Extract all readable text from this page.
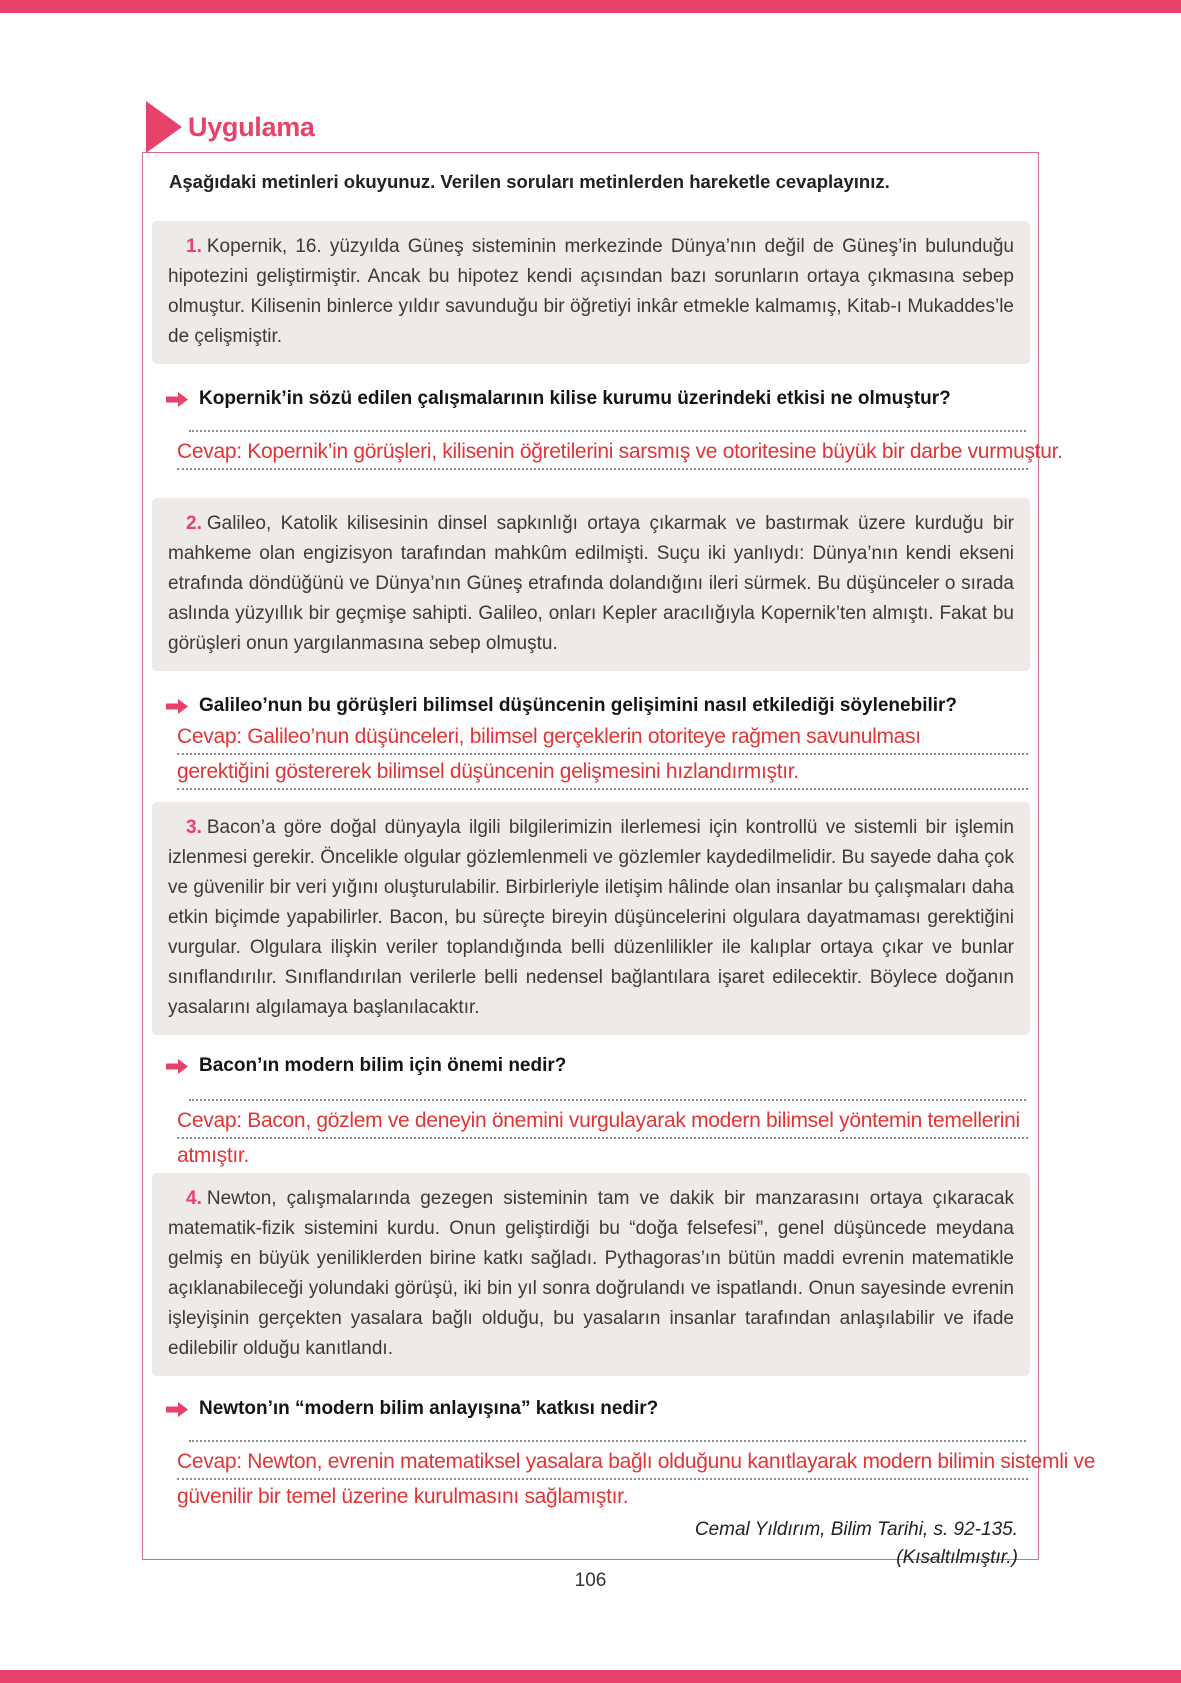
Uygulama
Aşağıdaki metinleri okuyunuz. Verilen soruları metinlerden hareketle cevaplayınız.
1. Kopernik, 16. yüzyılda Güneş sisteminin merkezinde Dünya’nın değil de Güneş’in bulunduğu hipotezini geliştirmiştir. Ancak bu hipotez kendi açısından bazı sorunların ortaya çıkmasına sebep olmuştur. Kilisenin binlerce yıldır savunduğu bir öğretiyi inkâr etmekle kalmamış, Kitab-ı Mukaddes’le de çelişmiştir.
Kopernik’in sözü edilen çalışmalarının kilise kurumu üzerindeki etkisi ne olmuştur?
Cevap: Kopernik’in görüşleri, kilisenin öğretilerini sarsmış ve otoritesine büyük bir darbe vurmuştur.
2. Galileo, Katolik kilisesinin dinsel sapkınlığı ortaya çıkarmak ve bastırmak üzere kurduğu bir mahkeme olan engizisyon tarafından mahkûm edilmişti. Suçu iki yanlıydı: Dünya’nın kendi ekseni etrafında döndüğünü ve Dünya’nın Güneş etrafında dolandığını ileri sürmek. Bu düşünceler o sırada aslında yüzyıllık bir geçmişe sahipti. Galileo, onları Kepler aracılığıyla Kopernik’ten almıştı. Fakat bu görüşleri onun yargılanmasına sebep olmuştu.
Galileo’nun bu görüşleri bilimsel düşüncenin gelişimini nasıl etkilediği söylenebilir?
Cevap: Galileo’nun düşünceleri, bilimsel gerçeklerin otoriteye rağmen savunulması
gerektiğini göstererek bilimsel düşüncenin gelişmesini hızlandırmıştır.
3. Bacon’a göre doğal dünyayla ilgili bilgilerimizin ilerlemesi için kontrollü ve sistemli bir işlemin izlenmesi gerekir. Öncelikle olgular gözlemlenmeli ve gözlemler kaydedilmelidir. Bu sayede daha çok ve güvenilir bir veri yığını oluşturulabilir. Birbirleriyle iletişim hâlinde olan insanlar bu çalışmaları daha etkin biçimde yapabilirler. Bacon, bu süreçte bireyin düşüncelerini olgulara dayatmaması gerektiğini vurgular. Olgulara ilişkin veriler toplandığında belli düzenlilikler ile kalıplar ortaya çıkar ve bunlar sınıflandırılır. Sınıflandırılan verilerle belli nedensel bağlantılara işaret edilecektir. Böylece doğanın yasalarını algılamaya başlanılacaktır.
Bacon’ın modern bilim için önemi nedir?
Cevap: Bacon, gözlem ve deneyin önemini vurgulayarak modern bilimsel yöntemin temellerini
atmıştır.
4. Newton, çalışmalarında gezegen sisteminin tam ve dakik bir manzarasını ortaya çıkaracak matematik-fizik sistemini kurdu. Onun geliştirdiği bu “doğa felsefesi”, genel düşüncede meydana gelmiş en büyük yeniliklerden birine katkı sağladı. Pythagoras’ın bütün maddi evrenin matematikle açıklanabileceği yolundaki görüşü, iki bin yıl sonra doğrulandı ve ispatlandı. Onun sayesinde evrenin işleyişinin gerçekten yasalara bağlı olduğu, bu yasaların insanlar tarafından anlaşılabilir ve ifade edilebilir olduğu kanıtlandı.
Newton’ın “modern bilim anlayışına” katkısı nedir?
Cevap: Newton, evrenin matematiksel yasalara bağlı olduğunu kanıtlayarak modern bilimin sistemli ve
güvenilir bir temel üzerine kurulmasını sağlamıştır.
Cemal Yıldırım, Bilim Tarihi, s. 92-135.
(Kısaltılmıştır.)
106
